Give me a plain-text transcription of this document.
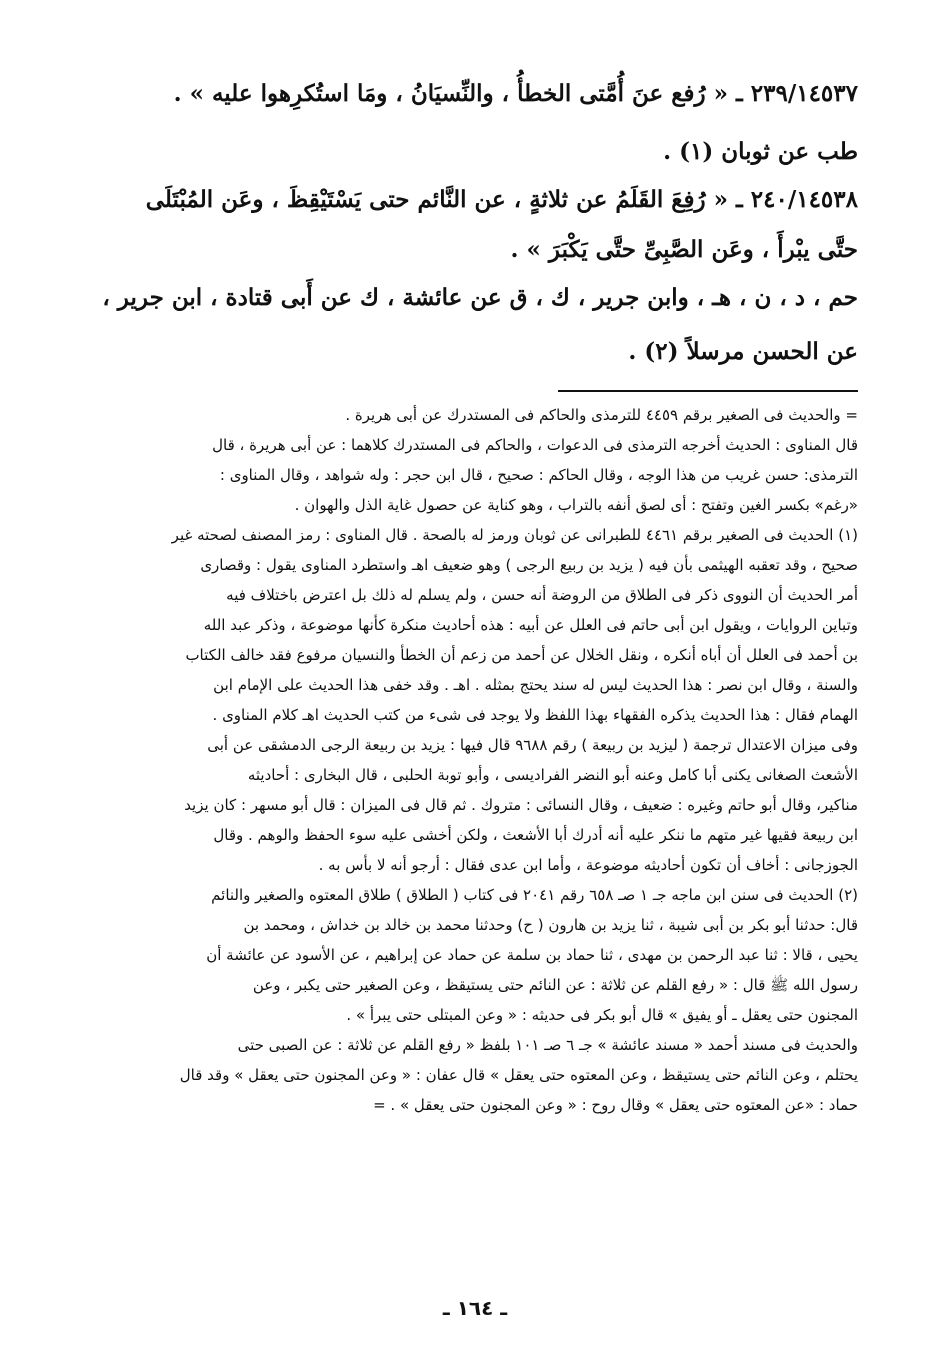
٢٣٩/١٤٥٣٧ ـ « رُفع عنَ أُمَّتى الخطأُ ، والنِّسيَانُ ، ومَا استُكرِهوا عليه » .
طب عن ثوبان (١) .
٢٤٠/١٤٥٣٨ ـ « رُفِعَ القَلَمُ عن ثلاثةٍ ، عن النَّائم حتى يَسْتَيْقِظَ ، وعَن المُبْتَلَى
حتَّى يبْرأَ ، وعَن الصَّبِىِّ حتَّى يَكْبَرَ » .
حم ، د ، ن ، هـ ، وابن جرير ، ك ، ق عن عائشة ، ك عن أَبى قتادة ، ابن جرير ،
عن الحسن مرسلاً (٢) .
= والحديث فى الصغير برقم ٤٤٥٩ للترمذى والحاكم فى المستدرك عن أبى هريرة .
قال المناوى : الحديث أخرجه الترمذى فى الدعوات ، والحاكم فى المستدرك كلاهما : عن أبى هريرة ، قال
الترمذى: حسن غريب من هذا الوجه ، وقال الحاكم : صحيح ، قال ابن حجر : وله شواهد ، وقال المناوى :
«رغم» بكسر الغين وتفتح : أى لصق أنفه بالتراب ، وهو كناية عن حصول غاية الذل والهوان .
(١) الحديث فى الصغير برقم ٤٤٦١ للطبرانى عن ثوبان ورمز له بالصحة . قال المناوى : رمز المصنف لصحته غير
صحيح ، وقد تعقبه الهيثمى بأن فيه ( يزيد بن ربيع الرجى ) وهو ضعيف اهـ واستطرد المناوى يقول : وقصارى
أمر الحديث أن النووى ذكر فى الطلاق من الروضة أنه حسن ، ولم يسلم له ذلك بل اعترض باختلاف فيه
وتباين الروايات ، ويقول ابن أبى حاتم فى العلل عن أبيه : هذه أحاديث منكرة كأنها موضوعة ، وذكر عبد الله
بن أحمد فى العلل أن أباه أنكره ، ونقل الخلال عن أحمد من زعم أن الخطأ والنسيان مرفوع فقد خالف الكتاب
والسنة ، وقال ابن نصر : هذا الحديث ليس له سند يحتج بمثله . اهـ . وقد خفى هذا الحديث على الإمام ابن
الهمام فقال : هذا الحديث يذكره الفقهاء بهذا اللفظ ولا يوجد فى شىء من كتب الحديث اهـ كلام المناوى .
وفى ميزان الاعتدال ترجمة ( ليزيد بن ربيعة ) رقم ٩٦٨٨ قال فيها : يزيد بن ربيعة الرجى الدمشقى عن أبى
الأشعث الصغانى يكنى أبا كامل وعنه أبو النضر الفراديسى ، وأبو توبة الحلبى ، قال البخارى : أحاديثه
مناكير، وقال أبو حاتم وغيره : ضعيف ، وقال النسائى : متروك . ثم قال فى الميزان : قال أبو مسهر : كان يزيد
ابن ربيعة فقيها غير متهم ما ننكر عليه أنه أدرك أبا الأشعث ، ولكن أخشى عليه سوء الحفظ والوهم . وقال
الجوزجانى : أخاف أن تكون أحاديثه موضوعة ، وأما ابن عدى فقال : أرجو أنه لا بأس به .
(٢) الحديث فى سنن ابن ماجه جـ ١ صـ ٦٥٨ رقم ٢٠٤١ فى كتاب ( الطلاق ) طلاق المعتوه والصغير والنائم
قال: حدثنا أبو بكر بن أبى شيبة ، ثنا يزيد بن هارون ( ح) وحدثنا محمد بن خالد بن خداش ، ومحمد بن
يحيى ، قالا : ثنا عبد الرحمن بن مهدى ، ثنا حماد بن سلمة عن حماد عن إبراهيم ، عن الأسود عن عائشة أن
رسول الله ﷺ قال : « رفع القلم عن ثلاثة : عن النائم حتى يستيقظ ، وعن الصغير حتى يكبر ، وعن
المجنون حتى يعقل ـ أو يفيق » قال أبو بكر فى حديثه : « وعن المبتلى حتى يبرأ » .
والحديث فى مسند أحمد « مسند عائشة » جـ ٦ صـ ١٠١ بلفظ « رفع القلم عن ثلاثة : عن الصبى حتى
يحتلم ، وعن النائم حتى يستيقظ ، وعن المعتوه حتى يعقل » قال عفان : « وعن المجنون حتى يعقل » وقد قال
حماد : «عن المعتوه حتى يعقل » وقال روح : « وعن المجنون حتى يعقل » . =
ـ ١٦٤ ـ
